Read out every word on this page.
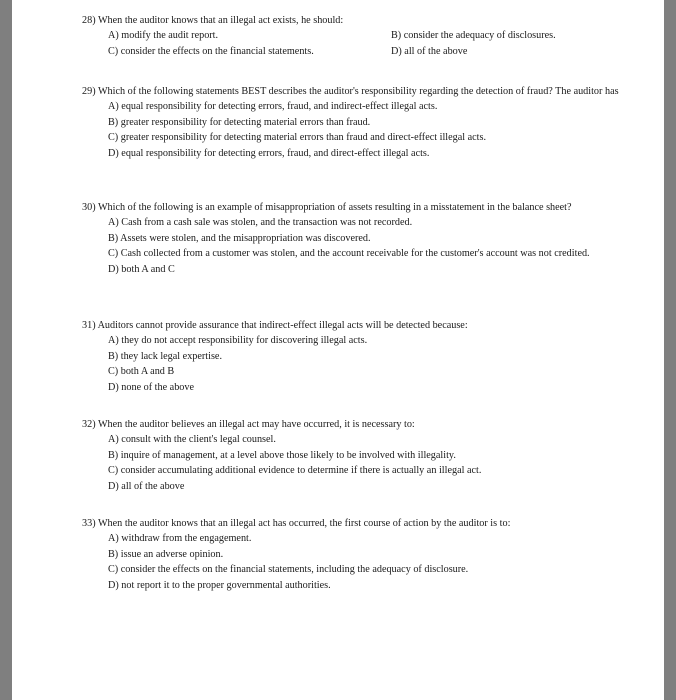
28) When the auditor knows that an illegal act exists, he should:
A) modify the audit report.	B) consider the adequacy of disclosures.
C) consider the effects on the financial statements.	D) all of the above
29) Which of the following statements BEST describes the auditor's responsibility regarding the detection of fraud? The auditor has
A) equal responsibility for detecting errors, fraud, and indirect-effect illegal acts.
B) greater responsibility for detecting material errors than fraud.
C) greater responsibility for detecting material errors than fraud and direct-effect illegal acts.
D) equal responsibility for detecting errors, fraud, and direct-effect illegal acts.
30) Which of the following is an example of misappropriation of assets resulting in a misstatement in the balance sheet?
A) Cash from a cash sale was stolen, and the transaction was not recorded.
B) Assets were stolen, and the misappropriation was discovered.
C) Cash collected from a customer was stolen, and the account receivable for the customer's account was not credited.
D) both A and C
31) Auditors cannot provide assurance that indirect-effect illegal acts will be detected because:
A) they do not accept responsibility for discovering illegal acts.
B) they lack legal expertise.
C) both A and B
D) none of the above
32) When the auditor believes an illegal act may have occurred, it is necessary to:
A) consult with the client's legal counsel.
B) inquire of management, at a level above those likely to be involved with illegality.
C) consider accumulating additional evidence to determine if there is actually an illegal act.
D) all of the above
33) When the auditor knows that an illegal act has occurred, the first course of action by the auditor is to:
A) withdraw from the engagement.
B) issue an adverse opinion.
C) consider the effects on the financial statements, including the adequacy of disclosure.
D) not report it to the proper governmental authorities.
